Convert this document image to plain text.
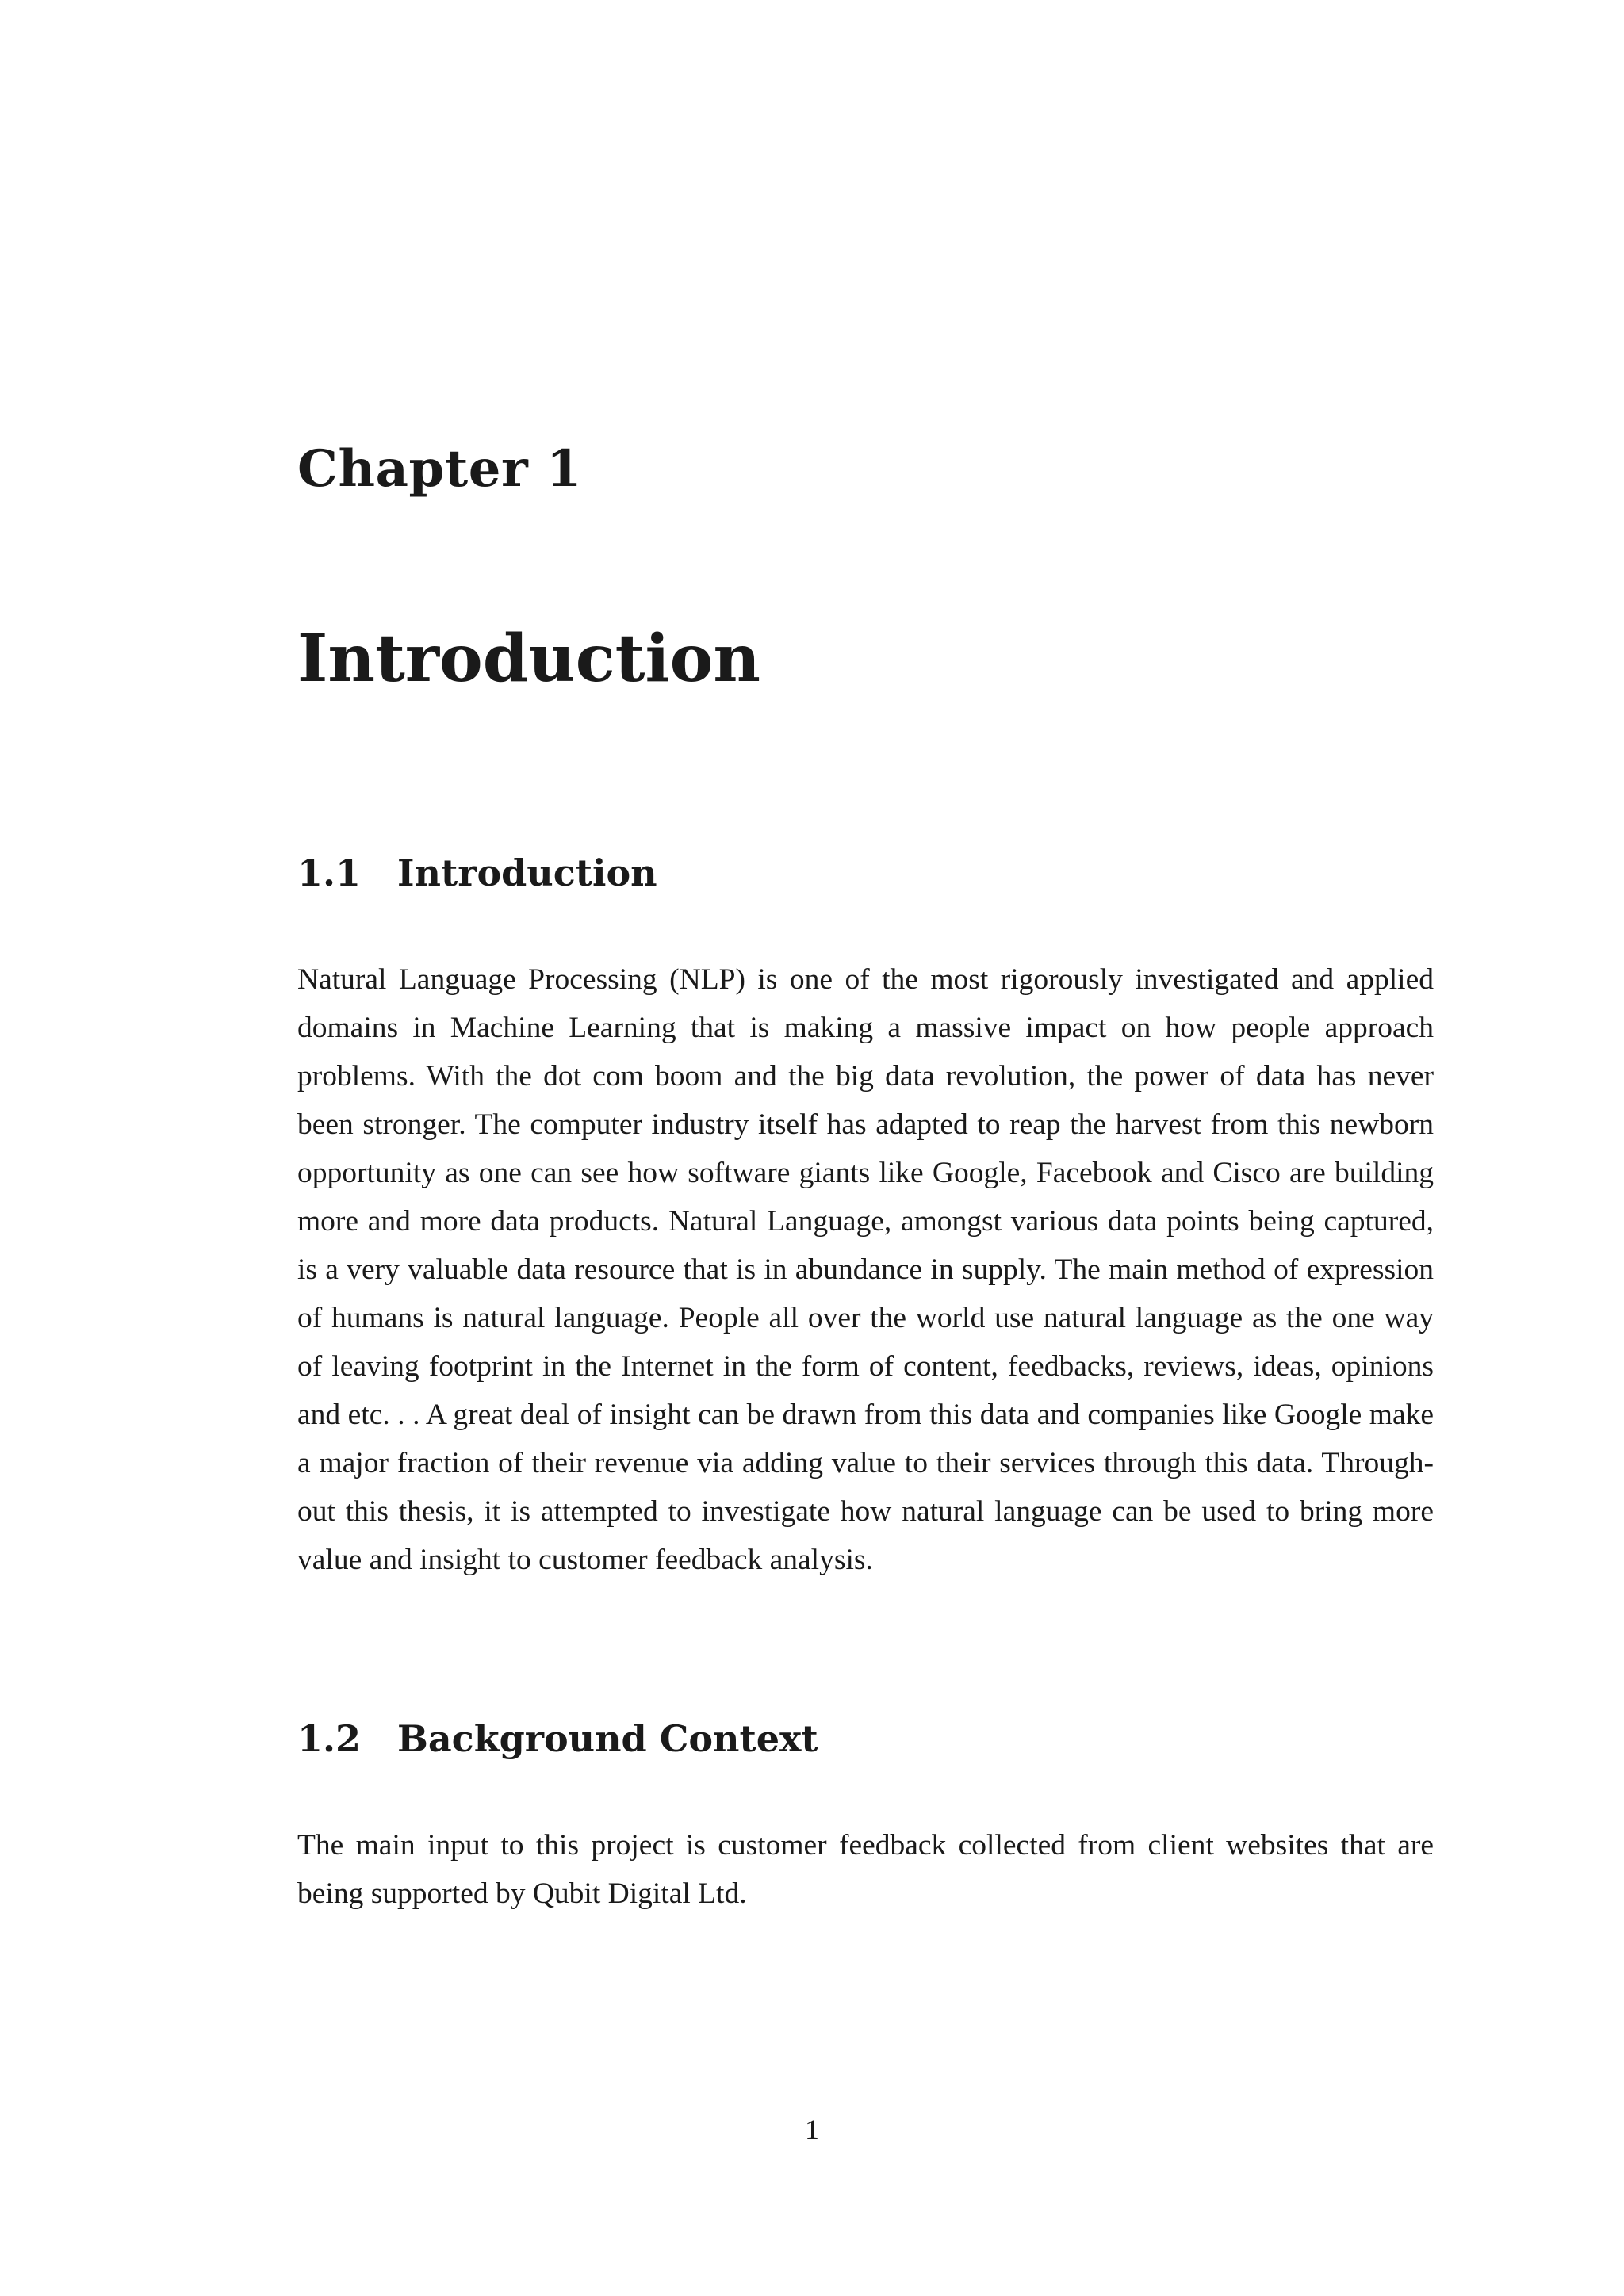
Chapter 1
Introduction
1.1 Introduction

Natural Language Processing (NLP) is one of the most rigorously investigated and applied domains in Machine Learning that is making a massive impact on how people approach problems. With the dot com boom and the big data revolution, the power of data has never been stronger. The computer industry itself has adapted to reap the harvest from this newborn opportunity as one can see how software giants like Google, Facebook and Cisco are building more and more data products. Natural Language, amongst various data points being captured, is a very valuable data resource that is in abundance in supply. The main method of expression of humans is natural language. People all over the world use natural language as the one way of leaving footprint in the Internet in the form of content, feedbacks, reviews, ideas, opinions and etc. . . A great deal of insight can be drawn from this data and companies like Google make a major fraction of their revenue via adding value to their services through this data. Throughout this thesis, it is attempted to investigate how natural language can be used to bring more value and insight to customer feedback analysis.

1.2 Background Context

The main input to this project is customer feedback collected from client websites that are being supported by Qubit Digital Ltd.

1
